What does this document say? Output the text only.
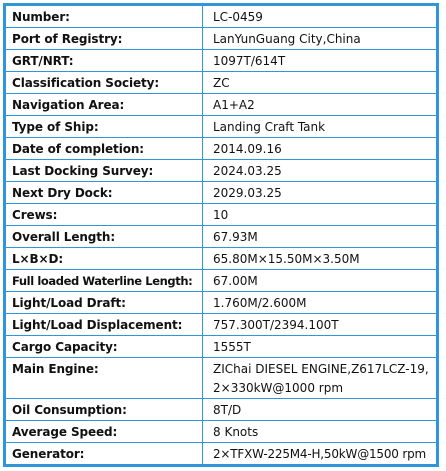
Number:	LC-0459
Port of Registry:	LanYunGuang City,China
GRT/NRT:	1097T/614T
Classification Society:	ZC
Navigation Area:	A1+A2
Type of Ship:	Landing Craft Tank
Date of completion:	2014.09.16
Last Docking Survey:	2024.03.25
Next Dry Dock:	2029.03.25
Crews:	10
Overall Length:	67.93M
L×B×D:	65.80M×15.50M×3.50M
Full loaded Waterline Length:	67.00M
Light/Load Draft:	1.760M/2.600M
Light/Load Displacement:	757.300T/2394.100T
Cargo Capacity:	1555T
Main Engine:	ZIChai DIESEL ENGINE,Z617LCZ-19,
2×330kW@1000 rpm

Oil Consumption:	8T/D
Average Speed:	8 Knots
Generator:	2×TFXW-225M4-H,50kW@1500 rpm
